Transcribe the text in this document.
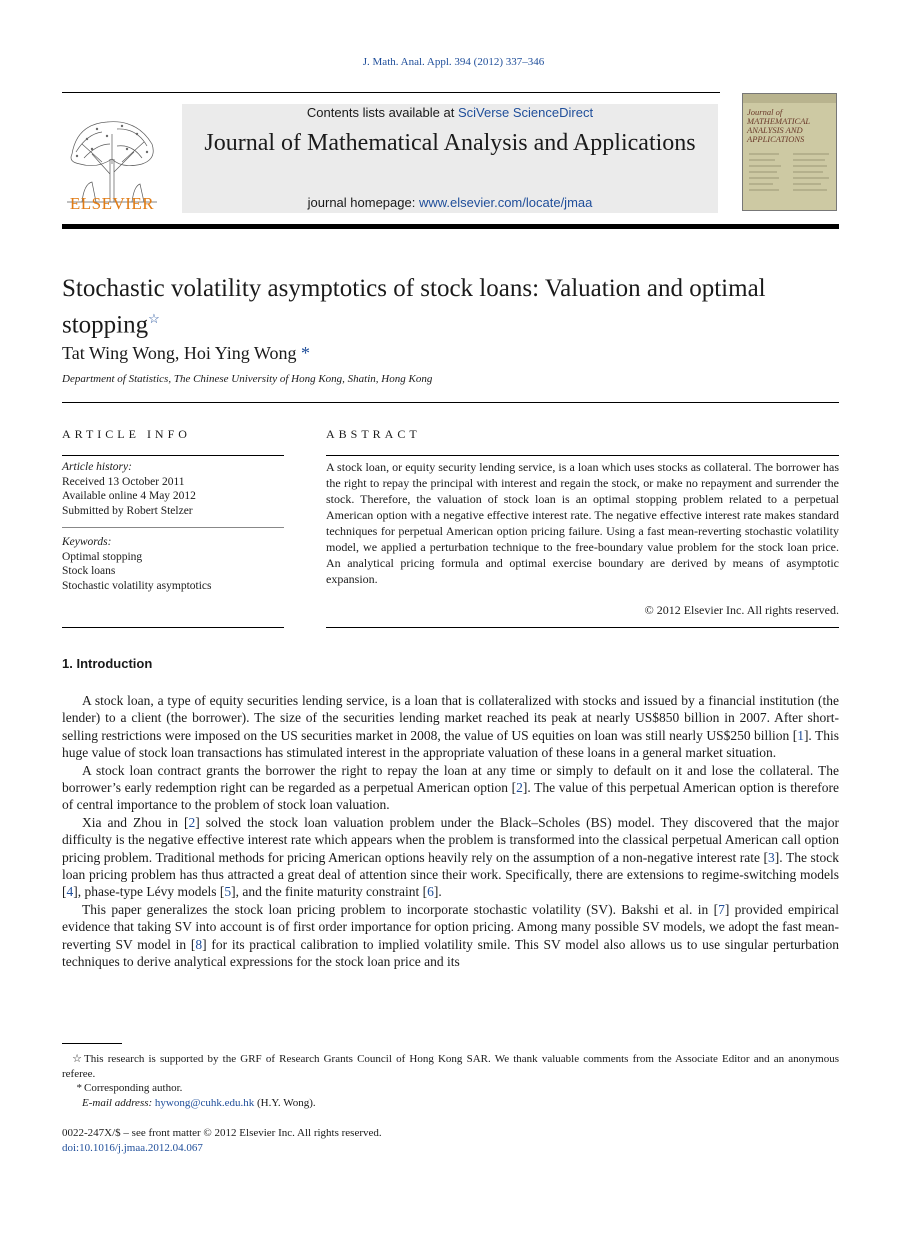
J. Math. Anal. Appl. 394 (2012) 337–346
ELSEVIER
Contents lists available at SciVerse ScienceDirect
Journal of Mathematical Analysis and Applications
journal homepage: www.elsevier.com/locate/jmaa
Journal of MATHEMATICAL ANALYSIS AND APPLICATIONS
Stochastic volatility asymptotics of stock loans: Valuation and optimal stopping☆
Tat Wing Wong, Hoi Ying Wong *
Department of Statistics, The Chinese University of Hong Kong, Shatin, Hong Kong
ARTICLE INFO
Article history:
Received 13 October 2011
Available online 4 May 2012
Submitted by Robert Stelzer
Keywords:
Optimal stopping
Stock loans
Stochastic volatility asymptotics
ABSTRACT
A stock loan, or equity security lending service, is a loan which uses stocks as collateral. The borrower has the right to repay the principal with interest and regain the stock, or make no repayment and surrender the stock. Therefore, the valuation of stock loan is an optimal stopping problem related to a perpetual American option with a negative effective interest rate. The negative effective interest rate makes standard techniques for perpetual American option pricing failure. Using a fast mean-reverting stochastic volatility model, we applied a perturbation technique to the free-boundary value problem for the stock loan price. An analytical pricing formula and optimal exercise boundary are derived by means of asymptotic expansion.
© 2012 Elsevier Inc. All rights reserved.
1. Introduction

A stock loan, a type of equity securities lending service, is a loan that is collateralized with stocks and issued by a financial institution (the lender) to a client (the borrower). The size of the securities lending market reached its peak at nearly US$850 billion in 2007. After short-selling restrictions were imposed on the US securities market in 2008, the value of US equities on loan was still nearly US$250 billion [1]. This huge value of stock loan transactions has stimulated interest in the appropriate valuation of these loans in a general market situation.

A stock loan contract grants the borrower the right to repay the loan at any time or simply to default on it and lose the collateral. The borrower’s early redemption right can be regarded as a perpetual American option [2]. The value of this perpetual American option is therefore of central importance to the problem of stock loan valuation.

Xia and Zhou in [2] solved the stock loan valuation problem under the Black–Scholes (BS) model. They discovered that the major difficulty is the negative effective interest rate which appears when the problem is transformed into the classical perpetual American call option pricing problem. Traditional methods for pricing American options heavily rely on the assumption of a non-negative interest rate [3]. The stock loan pricing problem has thus attracted a great deal of attention since their work. Specifically, there are extensions to regime-switching models [4], phase-type Lévy models [5], and the finite maturity constraint [6].

This paper generalizes the stock loan pricing problem to incorporate stochastic volatility (SV). Bakshi et al. in [7] provided empirical evidence that taking SV into account is of first order importance for option pricing. Among many possible SV models, we adopt the fast mean-reverting SV model in [8] for its practical calibration to implied volatility smile. This SV model also allows us to use singular perturbation techniques to derive analytical expressions for the stock loan price and its

☆ This research is supported by the GRF of Research Grants Council of Hong Kong SAR. We thank valuable comments from the Associate Editor and an anonymous referee.

* Corresponding author.

E-mail address: hywong@cuhk.edu.hk (H.Y. Wong).

0022-247X/$ – see front matter © 2012 Elsevier Inc. All rights reserved.
doi:10.1016/j.jmaa.2012.04.067
